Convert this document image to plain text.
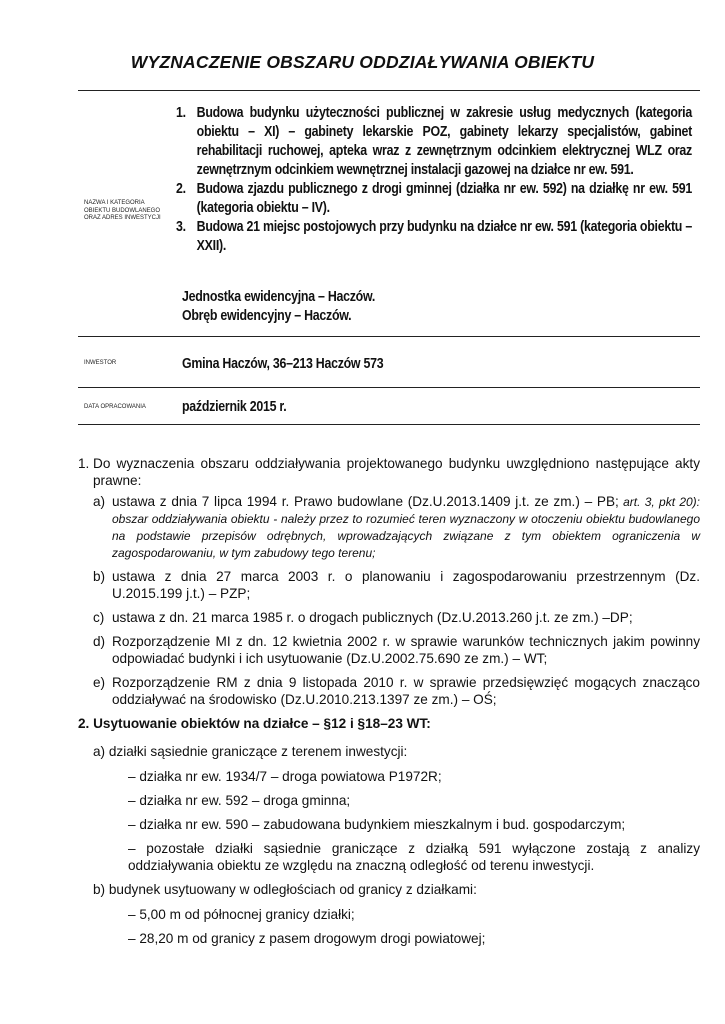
WYZNACZENIE OBSZARU ODDZIAŁYWANIA OBIEKTU
NAZWA I KATEGORIA OBIEKTU BUDOWLANEGO ORAZ ADRES INWESTYCJI
1. Budowa budynku użyteczności publicznej w zakresie usług medycznych (kategoria obiektu – XI) – gabinety lekarskie POZ, gabinety lekarzy specjalistów, gabinet rehabilitacji ruchowej, apteka wraz z zewnętrznym odcinkiem elektrycznej WLZ oraz zewnętrznym odcinkiem wewnętrznej instalacji gazowej na działce nr ew. 591.
2. Budowa zjazdu publicznego z drogi gminnej (działka nr ew. 592) na działkę nr ew. 591 (kategoria obiektu – IV).
3. Budowa 21 miejsc postojowych przy budynku na działce nr ew. 591 (kategoria obiektu – XXII).
Jednostka ewidencyjna – Haczów.
Obręb ewidencyjny – Haczów.
INWESTOR	Gmina Haczów, 36–213 Haczów 573
DATA OPRACOWANIA	październik 2015 r.
1. Do wyznaczenia obszaru oddziaływania projektowanego budynku uwzględniono następujące akty prawne:
a) ustawa z dnia 7 lipca 1994 r. Prawo budowlane (Dz.U.2013.1409 j.t. ze zm.) – PB; art. 3, pkt 20): obszar oddziaływania obiektu - należy przez to rozumieć teren wyznaczony w otoczeniu obiektu budowlanego na podstawie przepisów odrębnych, wprowadzających związane z tym obiektem ograniczenia w zagospodarowaniu, w tym zabudowy tego terenu;
b) ustawa z dnia 27 marca 2003 r. o planowaniu i zagospodarowaniu przestrzennym (Dz. U.2015.199 j.t.) – PZP;
c) ustawa z dn. 21 marca 1985 r. o drogach publicznych (Dz.U.2013.260 j.t. ze zm.) –DP;
d) Rozporządzenie MI z dn. 12 kwietnia 2002 r. w sprawie warunków technicznych jakim powinny odpowiadać budynki i ich usytuowanie (Dz.U.2002.75.690 ze zm.) – WT;
e) Rozporządzenie RM z dnia 9 listopada 2010 r. w sprawie przedsięwzięć mogących znacząco oddziaływać na środowisko (Dz.U.2010.213.1397 ze zm.) – OŚ;
2. Usytuowanie obiektów na działce – §12 i §18–23 WT:
a) działki sąsiednie graniczące z terenem inwestycji:
– działka nr ew. 1934/7 – droga powiatowa P1972R;
– działka nr ew. 592 – droga gminna;
– działka nr ew. 590 – zabudowana budynkiem mieszkalnym i bud. gospodarczym;
– pozostałe działki sąsiednie graniczące z działką 591 wyłączone zostają z analizy oddziaływania obiektu ze względu na znaczną odległość od terenu inwestycji.
b) budynek usytuowany w odległościach od granicy z działkami:
– 5,00 m od północnej granicy działki;
– 28,20 m od granicy z pasem drogowym drogi powiatowej;
